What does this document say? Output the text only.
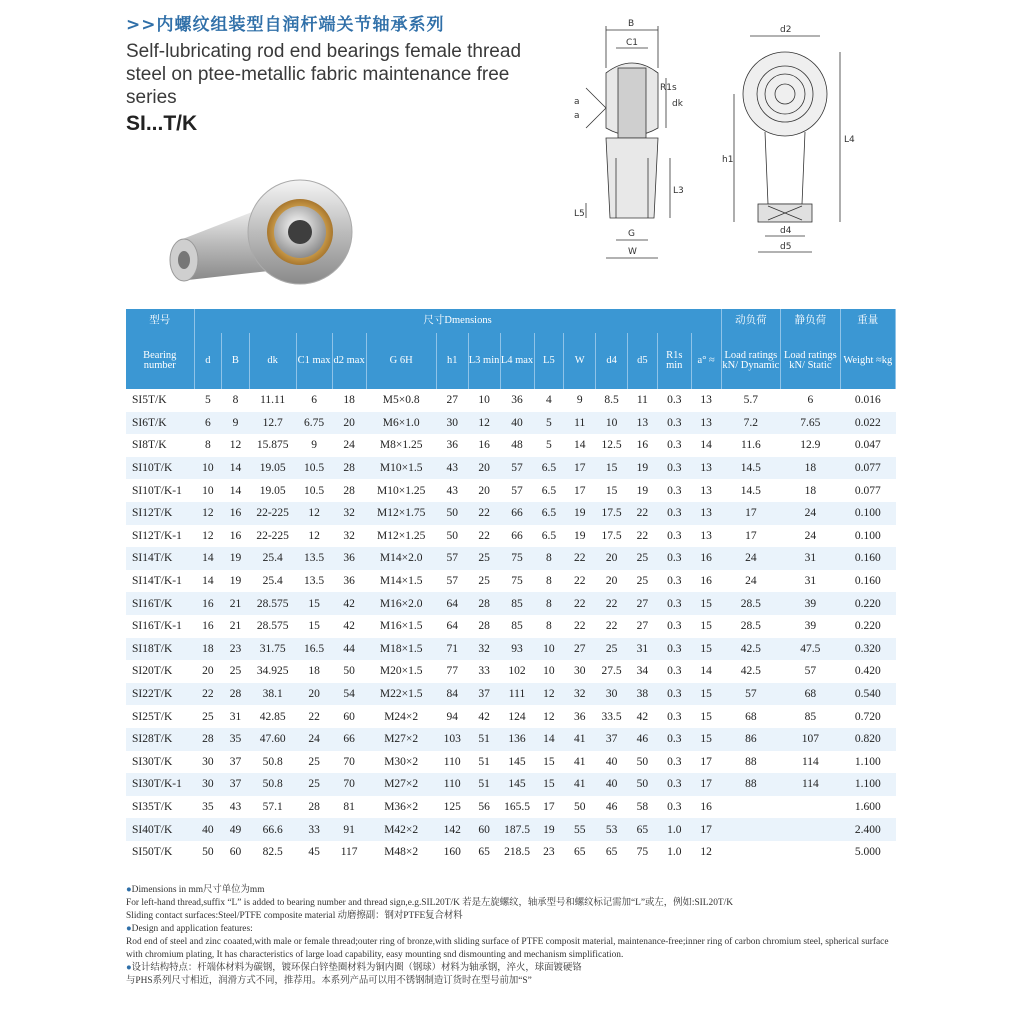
>>内螺纹组装型自润杆端关节轴承系列
Self-lubricating rod end bearings female thread steel on ptee-metallic fabric maintenance free series
SI...T/K
B
C1
R1s
dk
a
a
L3
L5
G
W
d2
h1
L4
d4
d5
型号	尺寸Dmensions															动负荷	静负荷	重量
Bearing number	d	B	dk	C1 max	d2 max	G 6H	h1	L3 min	L4 max	L5	W	d4	d5	R1s min	a° ≈	Load ratings kN/ Dynamic	Load ratings kN/ Static	Weight ≈kg
SI5T/K	5	8	11.11	6	18	M5×0.8	27	10	36	4	9	8.5	11	0.3	13	5.7	6	0.016
SI6T/K	6	9	12.7	6.75	20	M6×1.0	30	12	40	5	11	10	13	0.3	13	7.2	7.65	0.022
SI8T/K	8	12	15.875	9	24	M8×1.25	36	16	48	5	14	12.5	16	0.3	14	11.6	12.9	0.047
SI10T/K	10	14	19.05	10.5	28	M10×1.5	43	20	57	6.5	17	15	19	0.3	13	14.5	18	0.077
SI10T/K-1	10	14	19.05	10.5	28	M10×1.25	43	20	57	6.5	17	15	19	0.3	13	14.5	18	0.077
SI12T/K	12	16	22-225	12	32	M12×1.75	50	22	66	6.5	19	17.5	22	0.3	13	17	24	0.100
SI12T/K-1	12	16	22-225	12	32	M12×1.25	50	22	66	6.5	19	17.5	22	0.3	13	17	24	0.100
SI14T/K	14	19	25.4	13.5	36	M14×2.0	57	25	75	8	22	20	25	0.3	16	24	31	0.160
SI14T/K-1	14	19	25.4	13.5	36	M14×1.5	57	25	75	8	22	20	25	0.3	16	24	31	0.160
SI16T/K	16	21	28.575	15	42	M16×2.0	64	28	85	8	22	22	27	0.3	15	28.5	39	0.220
SI16T/K-1	16	21	28.575	15	42	M16×1.5	64	28	85	8	22	22	27	0.3	15	28.5	39	0.220
SI18T/K	18	23	31.75	16.5	44	M18×1.5	71	32	93	10	27	25	31	0.3	15	42.5	47.5	0.320
SI20T/K	20	25	34.925	18	50	M20×1.5	77	33	102	10	30	27.5	34	0.3	14	42.5	57	0.420
SI22T/K	22	28	38.1	20	54	M22×1.5	84	37	111	12	32	30	38	0.3	15	57	68	0.540
SI25T/K	25	31	42.85	22	60	M24×2	94	42	124	12	36	33.5	42	0.3	15	68	85	0.720
SI28T/K	28	35	47.60	24	66	M27×2	103	51	136	14	41	37	46	0.3	15	86	107	0.820
SI30T/K	30	37	50.8	25	70	M30×2	110	51	145	15	41	40	50	0.3	17	88	114	1.100
SI30T/K-1	30	37	50.8	25	70	M27×2	110	51	145	15	41	40	50	0.3	17	88	114	1.100
SI35T/K	35	43	57.1	28	81	M36×2	125	56	165.5	17	50	46	58	0.3	16			1.600
SI40T/K	40	49	66.6	33	91	M42×2	142	60	187.5	19	55	53	65	1.0	17			2.400
SI50T/K	50	60	82.5	45	117	M48×2	160	65	218.5	23	65	65	75	1.0	12			5.000

●Dimensions in mm尺寸单位为mm

For left-hand thread,suffix “L” is added to bearing number and thread sign,e.g.SIL20T/K 若是左旋螺纹，轴承型号和螺纹标记需加“L”或左，例如:SIL20T/K

Sliding contact surfaces:Steel/PTFE composite material 动磨擦副：钢对PTFE复合材料

●Design and application features:

Rod end of steel and zinc coaated,with male or female thread;outer ring of bronze,with sliding surface of PTFE composit material, maintenance-free;inner ring of carbon chromium steel, spherical surface with chromium plating, It has characteristics of large load capability, easy mounting snd dismounting and mechanism simplification.

●设计结构特点：杆端体材料为碳钢，镀环保白锌垫圈材料为铜内圈（钢球）材料为轴承钢，淬火，球面镀硬铬

与PHS系列尺寸相近，润滑方式不同，推荐用。本系列产品可以用不锈钢制造订货时在型号前加“S”
